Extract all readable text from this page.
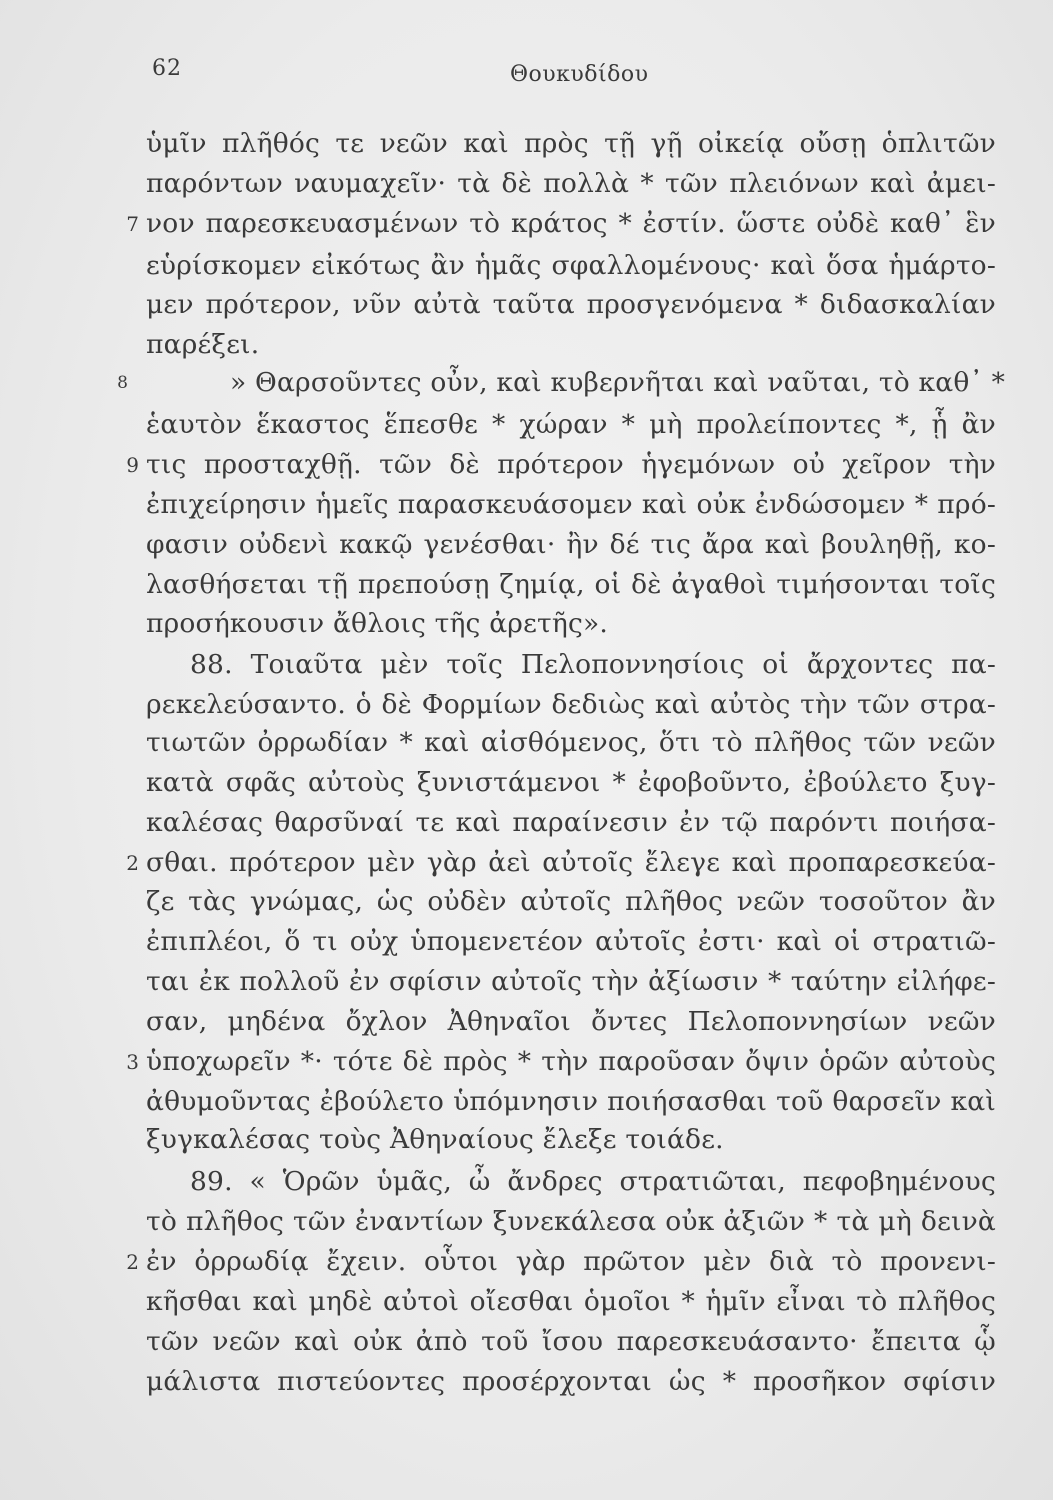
62	Θουκυδίδου
ὑμῖν πλῆθός τε νεῶν καὶ πρὸς τῇ γῇ οἰκείᾳ οὔσῃ ὁπλιτῶν
παρόντων ναυμαχεῖν· τὰ δὲ πολλὰ * τῶν πλειόνων καὶ ἀμει-
νον παρεσκευασμένων τὸ κράτος * ἐστίν. ὥστε οὐδὲ καθ᾽ ἓν
εὑρίσκομεν εἰκότως ἂν ἡμᾶς σφαλλομένους· καὶ ὅσα ἡμάρτο-
μεν πρότερον, νῦν αὐτὰ ταῦτα προσγενόμενα * διδασκαλίαν
παρέξει.
» Θαρσοῦντες οὖν, καὶ κυβερνῆται καὶ ναῦται, τὸ καθ᾽ *
ἑαυτὸν ἕκαστος ἕπεσθε * χώραν * μὴ προλείποντες *, ᾗ ἂν
τις προσταχθῇ. τῶν δὲ πρότερον ἡγεμόνων οὐ χεῖρον τὴν
ἐπιχείρησιν ἡμεῖς παρασκευάσομεν καὶ οὐκ ἐνδώσομεν * πρό-
φασιν οὐδενὶ κακῷ γενέσθαι· ἢν δέ τις ἄρα καὶ βουληθῇ, κο-
λασθήσεται τῇ πρεπούσῃ ζημίᾳ, οἱ δὲ ἀγαθοὶ τιμήσονται τοῖς
προσήκουσιν ἄθλοις τῆς ἀρετῆς».
88. Τοιαῦτα μὲν τοῖς Πελοποννησίοις οἱ ἄρχοντες πα-
ρεκελεύσαντο. ὁ δὲ Φορμίων δεδιὼς καὶ αὐτὸς τὴν τῶν στρα-
τιωτῶν ὀρρωδίαν * καὶ αἰσθόμενος, ὅτι τὸ πλῆθος τῶν νεῶν
κατὰ σφᾶς αὐτοὺς ξυνιστάμενοι * ἐφοβοῦντο, ἐβούλετο ξυγ-
καλέσας θαρσῦναί τε καὶ παραίνεσιν ἐν τῷ παρόντι ποιήσα-
σθαι. πρότερον μὲν γὰρ ἀεὶ αὐτοῖς ἔλεγε καὶ προπαρεσκεύα-
ζε τὰς γνώμας, ὡς οὐδὲν αὐτοῖς πλῆθος νεῶν τοσοῦτον ἂν
ἐπιπλέοι, ὅ τι οὐχ ὑπομενετέον αὐτοῖς ἐστι· καὶ οἱ στρατιῶ-
ται ἐκ πολλοῦ ἐν σφίσιν αὐτοῖς τὴν ἀξίωσιν * ταύτην εἰλήφε-
σαν, μηδένα ὄχλον Ἀθηναῖοι ὄντες Πελοποννησίων νεῶν
ὑποχωρεῖν *· τότε δὲ πρὸς * τὴν παροῦσαν ὄψιν ὁρῶν αὐτοὺς
ἀθυμοῦντας ἐβούλετο ὑπόμνησιν ποιήσασθαι τοῦ θαρσεῖν καὶ
ξυγκαλέσας τοὺς Ἀθηναίους ἔλεξε τοιάδε.
89. « Ὁρῶν ὑμᾶς, ὦ ἄνδρες στρατιῶται, πεφοβημένους
τὸ πλῆθος τῶν ἐναντίων ξυνεκάλεσα οὐκ ἀξιῶν * τὰ μὴ δεινὰ
ἐν ὀρρωδίᾳ ἔχειν. οὗτοι γὰρ πρῶτον μὲν διὰ τὸ προνενι-
κῆσθαι καὶ μηδὲ αὐτοὶ οἴεσθαι ὁμοῖοι * ἡμῖν εἶναι τὸ πλῆθος
τῶν νεῶν καὶ οὐκ ἀπὸ τοῦ ἴσου παρεσκευάσαντο· ἔπειτα ᾧ
μάλιστα πιστεύοντες προσέρχονται ὡς * προσῆκον σφίσιν
7
8
9
2
3
2
